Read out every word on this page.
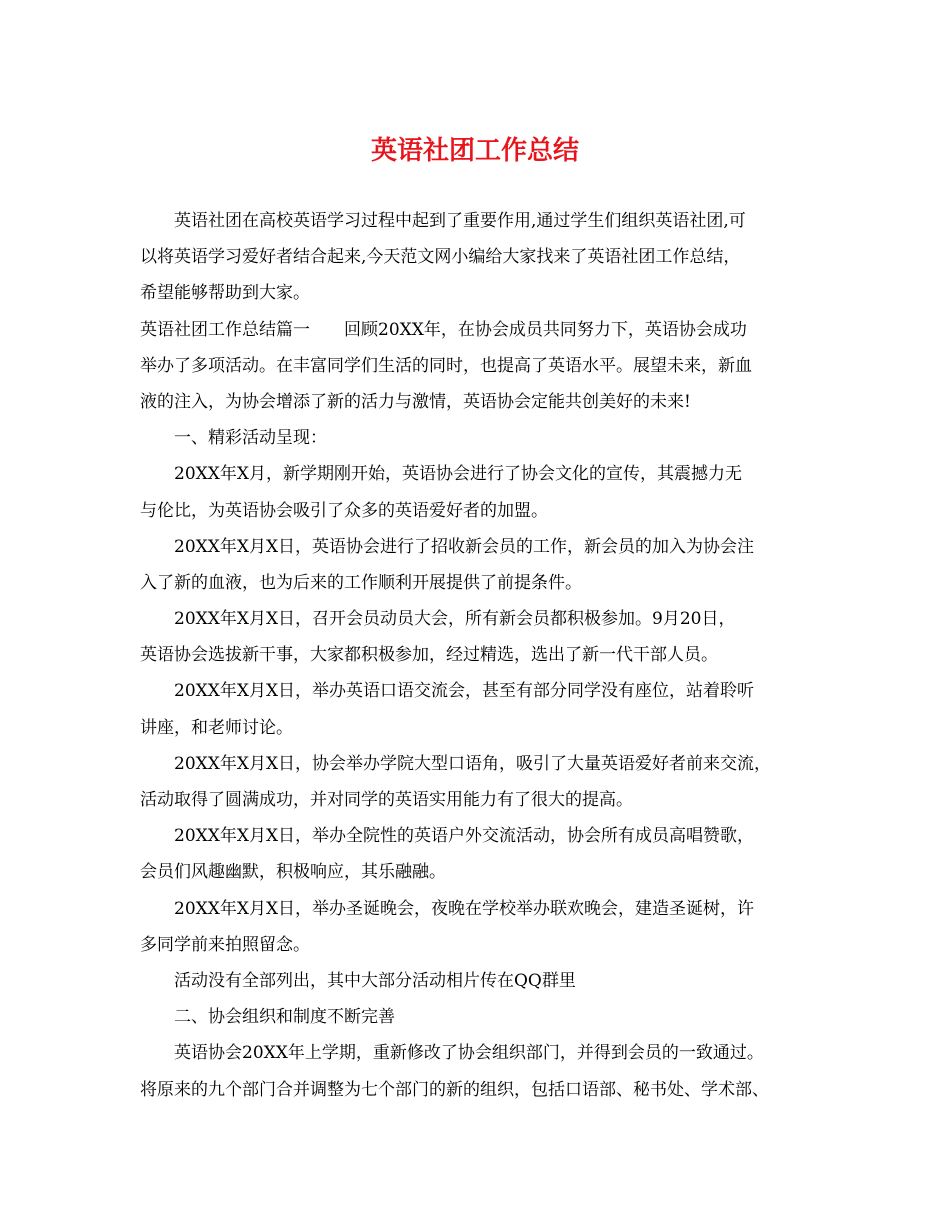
英语社团工作总结
英语社团在高校英语学习过程中起到了重要作用,通过学生们组织英语社团,可
以将英语学习爱好者结合起来,今天范文网小编给大家找来了英语社团工作总结，
希望能够帮助到大家。
英语社团工作总结篇一　　回顾20XX年，在协会成员共同努力下，英语协会成功
举办了多项活动。在丰富同学们生活的同时，也提高了英语水平。展望未来，新血
液的注入，为协会增添了新的活力与激情，英语协会定能共创美好的未来!
一、精彩活动呈现：
20XX年X月，新学期刚开始，英语协会进行了协会文化的宣传，其震撼力无
与伦比，为英语协会吸引了众多的英语爱好者的加盟。
20XX年X月X日，英语协会进行了招收新会员的工作，新会员的加入为协会注
入了新的血液，也为后来的工作顺利开展提供了前提条件。
20XX年X月X日，召开会员动员大会，所有新会员都积极参加。9月20日，
英语协会选拔新干事，大家都积极参加，经过精选，选出了新一代干部人员。
20XX年X月X日，举办英语口语交流会，甚至有部分同学没有座位，站着聆听
讲座，和老师讨论。
20XX年X月X日，协会举办学院大型口语角，吸引了大量英语爱好者前来交流，
活动取得了圆满成功，并对同学的英语实用能力有了很大的提高。
20XX年X月X日，举办全院性的英语户外交流活动，协会所有成员高唱赞歌，
会员们风趣幽默，积极响应，其乐融融。
20XX年X月X日，举办圣诞晚会，夜晚在学校举办联欢晚会，建造圣诞树，许
多同学前来拍照留念。
活动没有全部列出，其中大部分活动相片传在QQ群里
二、协会组织和制度不断完善
英语协会20XX年上学期，重新修改了协会组织部门，并得到会员的一致通过。
将原来的九个部门合并调整为七个部门的新的组织，包括口语部、秘书处、学术部、
